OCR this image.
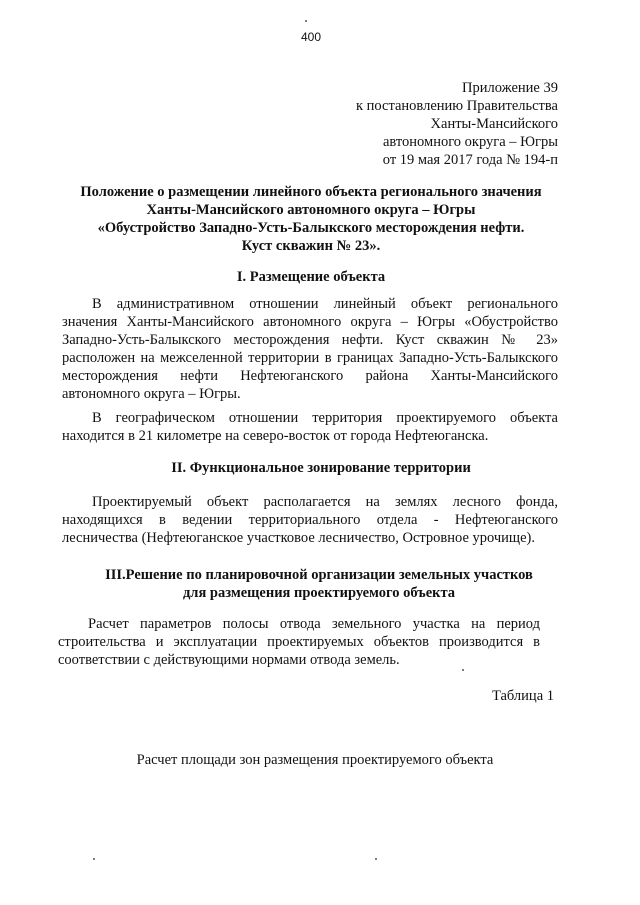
400
Приложение 39
к постановлению Правительства
Ханты-Мансийского
автономного округа – Югры
от 19 мая 2017 года № 194-п
Положение о размещении линейного объекта регионального значения
Ханты-Мансийского автономного округа – Югры
«Обустройство Западно-Усть-Балыкского месторождения нефти.
Куст скважин № 23».
I. Размещение объекта
В административном отношении линейный объект регионального значения Ханты-Мансийского автономного округа – Югры «Обустройство Западно-Усть-Балыкского месторождения нефти. Куст скважин № 23» расположен на межселенной территории в границах Западно-Усть-Балыкского месторождения нефти Нефтеюганского района Ханты-Мансийского автономного округа – Югры.
В географическом отношении территория проектируемого объекта находится в 21 километре на северо-восток от города Нефтеюганска.
II. Функциональное зонирование территории
Проектируемый объект располагается на землях лесного фонда, находящихся в ведении территориального отдела - Нефтеюганского лесничества (Нефтеюганское участковое лесничество, Островное урочище).
III.Решение по планировочной организации земельных участков
для размещения проектируемого объекта
Расчет параметров полосы отвода земельного участка на период строительства и эксплуатации проектируемых объектов производится в соответствии с действующими нормами отвода земель.
Таблица 1
Расчет площади зон размещения проектируемого объекта
